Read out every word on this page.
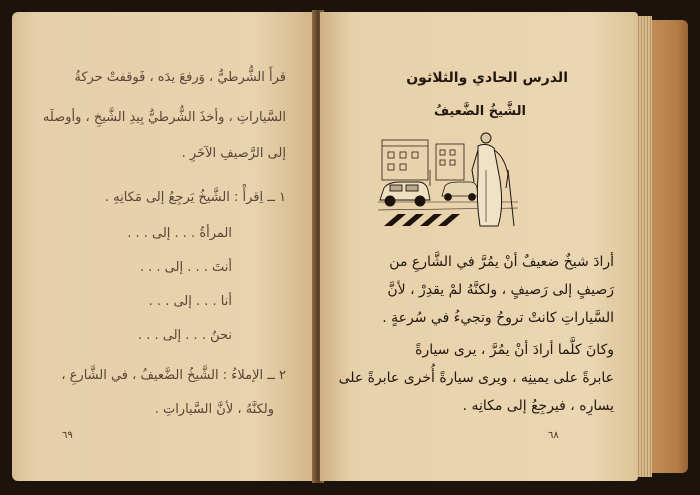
قرأَ الشُّرطيُّ ، وَرفعَ يدَه ، فَوقفتْ حركةُ
السَّياراتِ ، وأخذَ الشُّرطيُّ بِيدِ الشَّيخِ ، وأوصلَه
إلى الرَّصيفِ الآخَرِ .
١ ــ اِقرأْ : الشَّيخُ يَرجِعُ إلى مَكانِهِ .
المرأةُ . . . إلى . . .
أنتَ . . . إلى . . .
أنا . . . إلى . . .
نحنُ . . . إلى . . .
٢ ــ الإملاءُ : الشَّيخُ الضَّعيفُ ، في الشَّارعِ ،
ولكنَّهُ ، لأنَّ السَّياراتِ .
٦٩
الدرس الحادي والثلاثون
الشَّيخُ الضَّعيفُ
أرادَ شيخٌ ضعيفٌ أنْ يمُرَّ في الشَّارعِ من
رَصيفٍ إلى رَصيفٍ ، ولكنَّهُ لمْ يقدِرْ ، لأنَّ
السَّياراتِ كانتْ تروحُ وتجيءُ في سُرعةٍ .
وكانَ كلَّما أرادَ أنْ يمُرَّ ، يرى سيارةً
عابرةً على يمينِه ، ويرى سيارةً أُخرى عابرةً على
يسارِه ، فيرجِعُ إلى مكانِه .
٦٨
